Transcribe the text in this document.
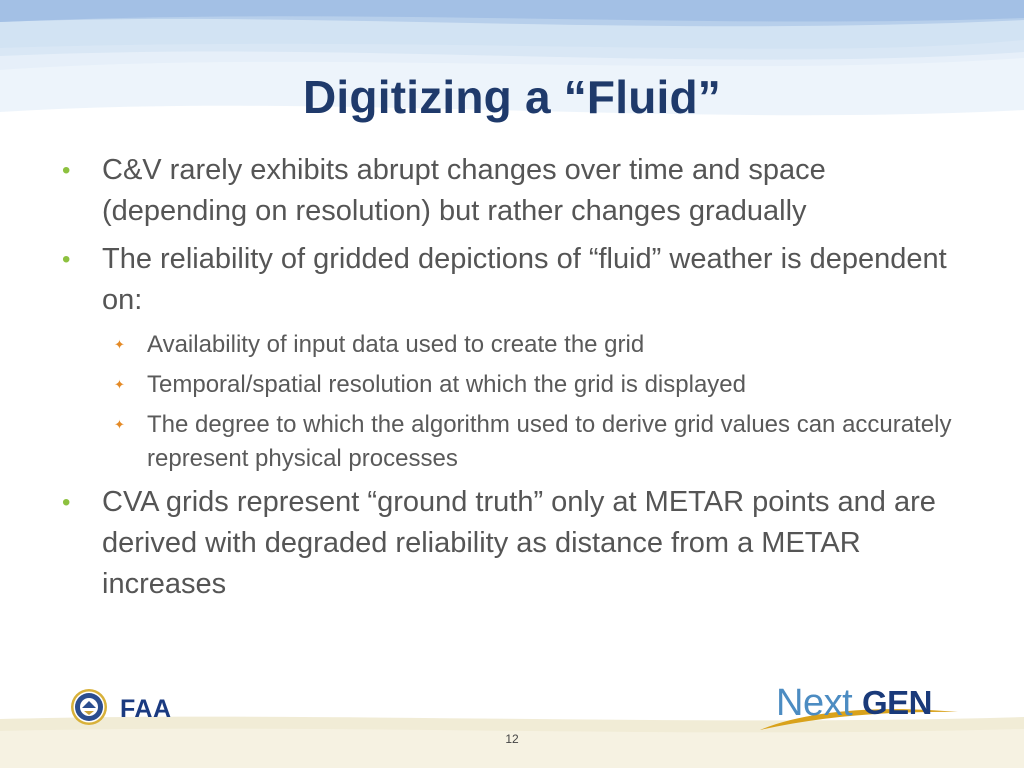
Digitizing a “Fluid”
• C&V rarely exhibits abrupt changes over time and space (depending on resolution) but rather changes gradually
• The reliability of gridded depictions of “fluid” weather is dependent on:
✦ Availability of input data used to create the grid
✦ Temporal/spatial resolution at which the grid is displayed
✦ The degree to which the algorithm used to derive grid values can accurately represent physical processes
• CVA grids represent “ground truth” only at METAR points and are derived with degraded reliability as distance from a METAR increases
FAA	Next GEN
12
